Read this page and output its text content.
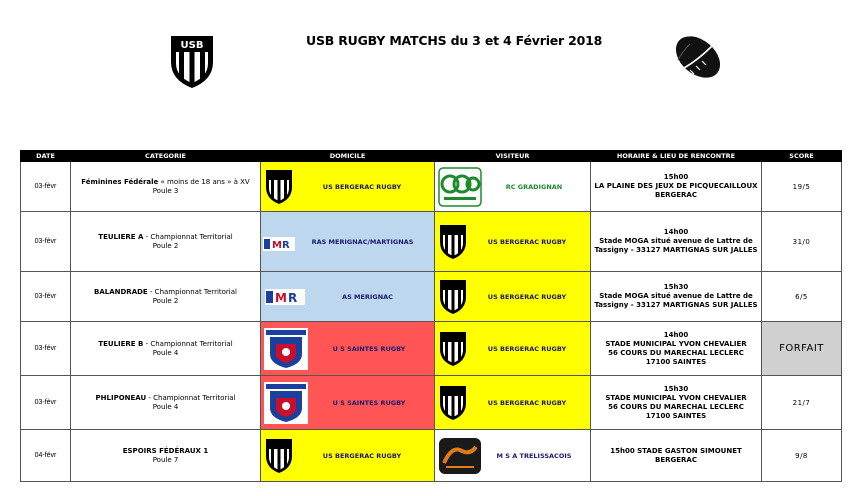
USB RUGBY MATCHS du 3 et 4 Février 2018
USB
DATE	CATEGORIE	DOMICILE	VISITEUR	HORAIRE & LIEU DE RENCONTRE	SCORE
03-févr	Féminines Fédérale « moins de 18 ans » à XV
Poule 3	US BERGERAC RUGBY	RC GRADIGNAN	15h00
LA PLAINE DES JEUX DE PICQUECAILLOUX
BERGERAC	19/5
03-févr	TEULIERE A - Championnat Territorial
Poule 2	M R RAS MERIGNAC/MARTIGNAS	US BERGERAC RUGBY	14h00
Stade MOGA situé avenue de Lattre de
Tassigny - 33127 MARTIGNAS SUR JALLES	31/0
03-févr	BALANDRADE - Championnat Territorial
Poule 2	M R AS MERIGNAC	US BERGERAC RUGBY	15h30
Stade MOGA situé avenue de Lattre de
Tassigny - 33127 MARTIGNAS SUR JALLES	6/5
03-févr	TEULIERE B - Championnat Territorial
Poule 4	U S SAINTES RUGBY	US BERGERAC RUGBY	14h00
STADE MUNICIPAL YVON CHEVALIER
56 COURS DU MARECHAL LECLERC
17100 SAINTES	FORFAIT
03-févr	PHLIPONEAU - Championnat Territorial
Poule 4	U S SAINTES RUGBY	US BERGERAC RUGBY	15h30
STADE MUNICIPAL YVON CHEVALIER
56 COURS DU MARECHAL LECLERC
17100 SAINTES	21/7
04-févr	ESPOIRS FÉDÉRAUX 1
Poule 7	US BERGERAC RUGBY	M S A TRELISSACOIS	15h00 STADE GASTON SIMOUNET BERGERAC	9/8
